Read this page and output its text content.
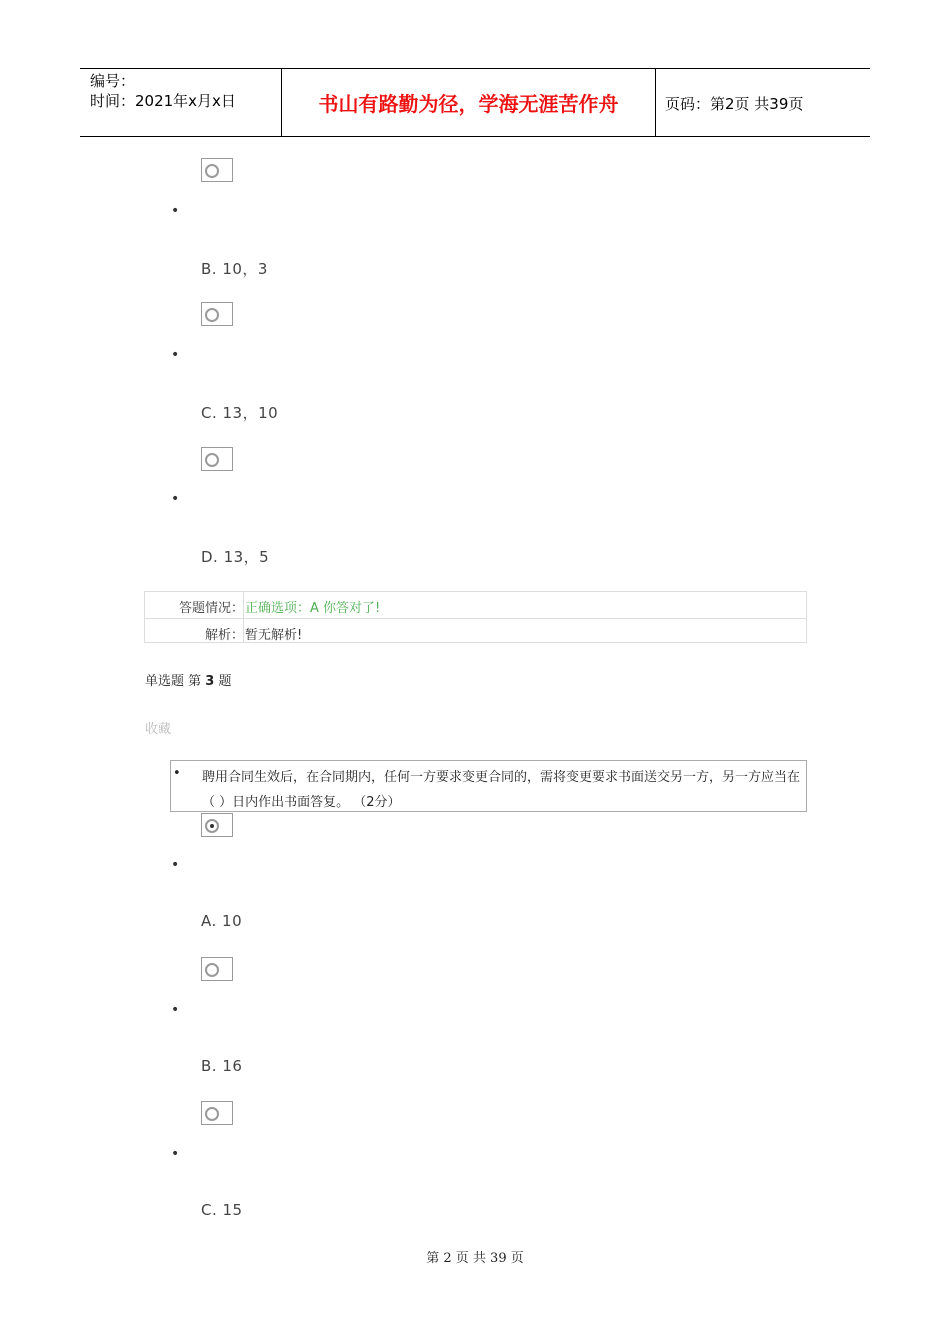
编号：
时间：2021年x月x日	书山有路勤为径，学海无涯苦作舟	页码：第2页 共39页
•
B. 10，3
•
C. 13，10
•
D. 13，5
答题情况： 正确选项：A 你答对了!
解析： 暂无解析!
单选题 第 3 题
收藏
• 聘用合同生效后，在合同期内，任何一方要求变更合同的，需将变更要求书面送交另一方，另一方应当在（ ）日内作出书面答复。 （2分）
•
A. 10
•
B. 16
•
C. 15
第 2 页 共 39 页
